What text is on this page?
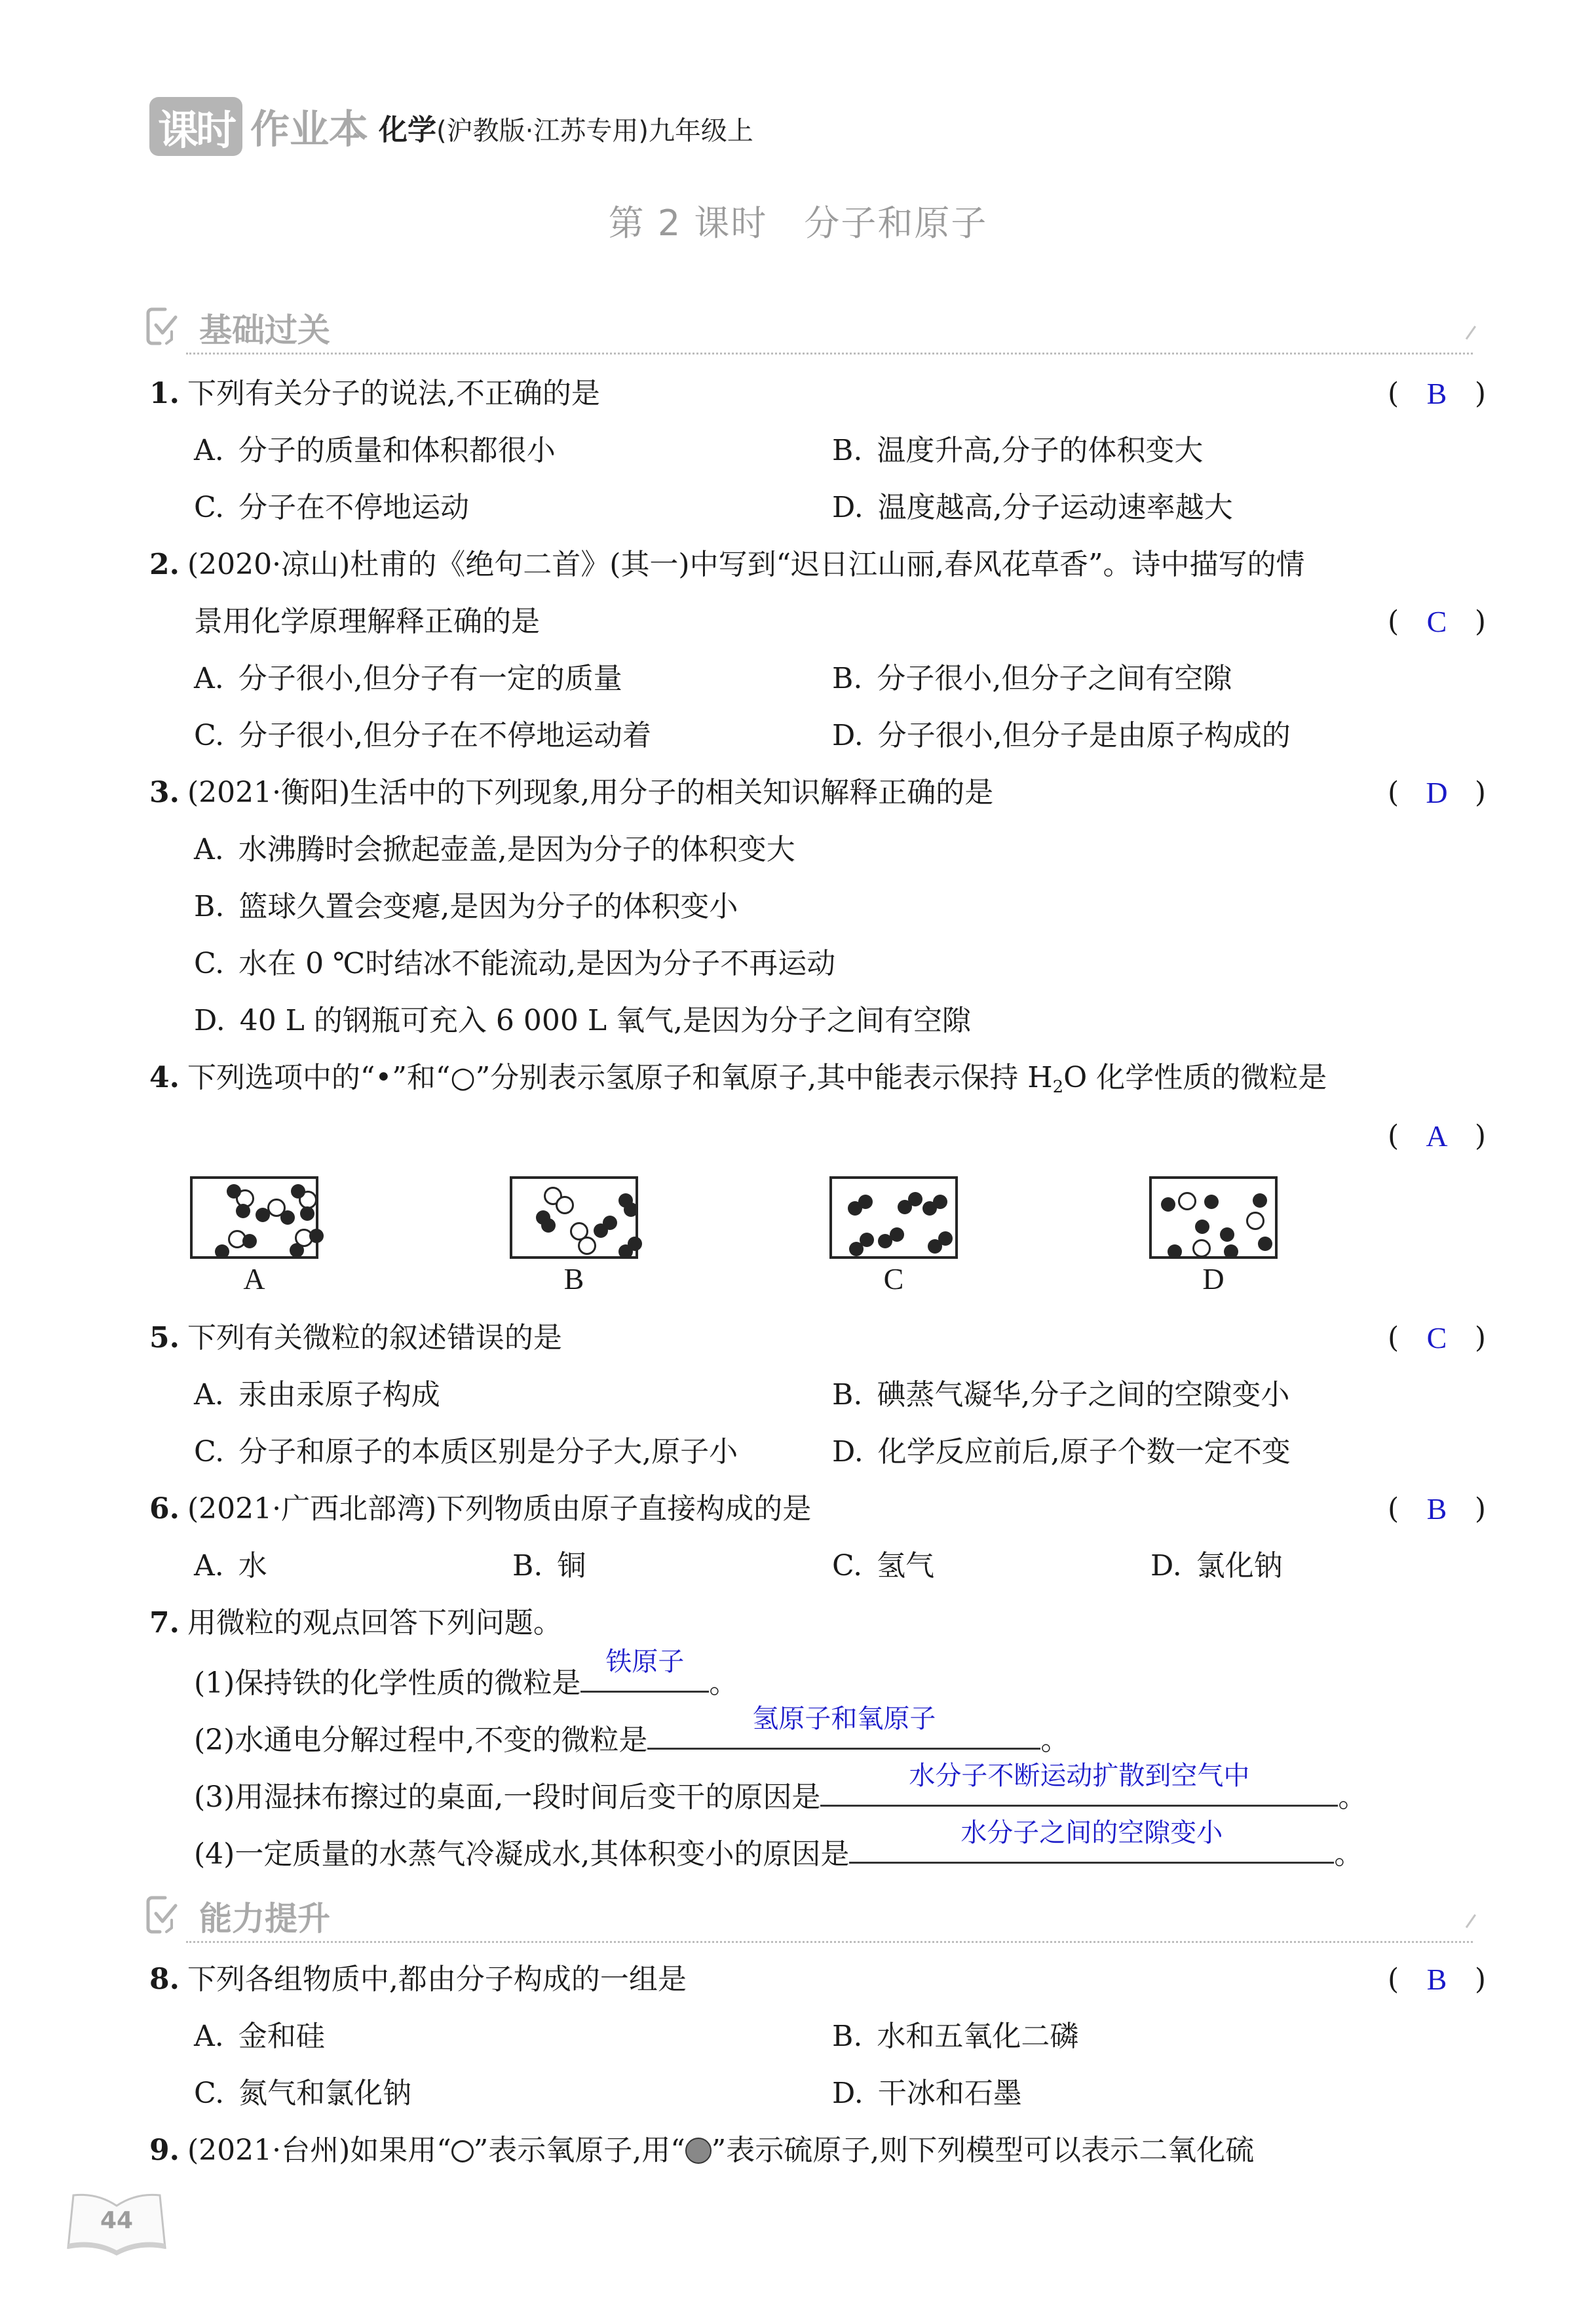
课时 作业本 化学(沪教版·江苏专用)九年级上
第 2 课时　分子和原子
基础过关
1. 下列有关分子的说法,不正确的是	( B )
A. 分子的质量和体积都很小	B. 温度升高,分子的体积变大
C. 分子在不停地运动	D. 温度越高,分子运动速率越大
2. (2020·凉山)杜甫的《绝句二首》(其一)中写到“迟日江山丽,春风花草香”。诗中描写的情
景用化学原理解释正确的是	( C )
A. 分子很小,但分子有一定的质量	B. 分子很小,但分子之间有空隙
C. 分子很小,但分子在不停地运动着	D. 分子很小,但分子是由原子构成的
3. (2021·衡阳)生活中的下列现象,用分子的相关知识解释正确的是	( D )
A. 水沸腾时会掀起壶盖,是因为分子的体积变大
B. 篮球久置会变瘪,是因为分子的体积变小
C. 水在 0 ℃时结冰不能流动,是因为分子不再运动
D. 40 L 的钢瓶可充入 6 000 L 氧气,是因为分子之间有空隙
4. 下列选项中的“•”和“○”分别表示氢原子和氧原子,其中能表示保持 $H_2O$ 化学性质的微粒是
( A )
A	B	C	D
5. 下列有关微粒的叙述错误的是	( C )
A. 汞由汞原子构成	B. 碘蒸气凝华,分子之间的空隙变小
C. 分子和原子的本质区别是分子大,原子小	D. 化学反应前后,原子个数一定不变
6. (2021·广西北部湾)下列物质由原子直接构成的是	( B )
A. 水	B. 铜	C. 氢气	D. 氯化钠
7. 用微粒的观点回答下列问题。
(1)保持铁的化学性质的微粒是
铁原子
。
(2)水通电分解过程中,不变的微粒是
氢原子和氧原子
。
(3)用湿抹布擦过的桌面,一段时间后变干的原因是
水分子不断运动扩散到空气中
。
(4)一定质量的水蒸气冷凝成水,其体积变小的原因是
水分子之间的空隙变小
。
能力提升
8. 下列各组物质中,都由分子构成的一组是	( B )
A. 金和硅	B. 水和五氧化二磷
C. 氮气和氯化钠	D. 干冰和石墨
9. (2021·台州)如果用“ ”表示氧原子,用“ ”表示硫原子,则下列模型可以表示二氧化硫
44
